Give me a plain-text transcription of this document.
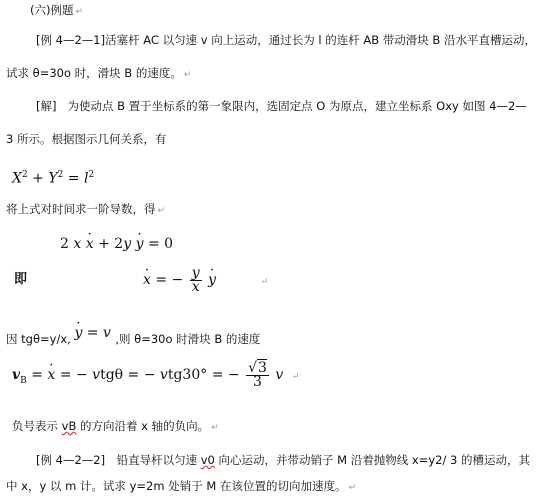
(六)例题 ↵
[例 4—2—1]活塞杆 AC 以匀速 v 向上运动，通过长为 l 的连杆 AB 带动滑块 B 沿水平直槽运动，
试求 θ=30o 时，滑块 B 的速度。 ↵
[解] 为使动点 B 置于坐标系的第一象限内，选固定点 O 为原点，建立坐标系 Oxy 如图 4—2—
3 所示。根据图示几何关系，有
$X^2 + Y^2 = l^2$
将上式对时间求一阶导数，得 ↵
2 x x · + 2y y · = 0
即	x · = − $\frac{y}{x}$ y ·	↵
因 tgθ=y/x, y · = v ,则 θ=30o 时滑块 B 的速度
$v_B = x$ · = − vtgθ = − vtg30° = − $\frac{√3}{3}$ v ↵
负号表示 vB 的方向沿着 x 轴的负向。 ↵
[例 4—2—2]　铅直导杆以匀速 v0 向心运动，并带动销子 M 沿着抛物线 x=y2∕ 3 的槽运动，其
中 x，y 以 m 计。试求 y=2m 处销于 M 在该位置的切向加速度。 ↵
